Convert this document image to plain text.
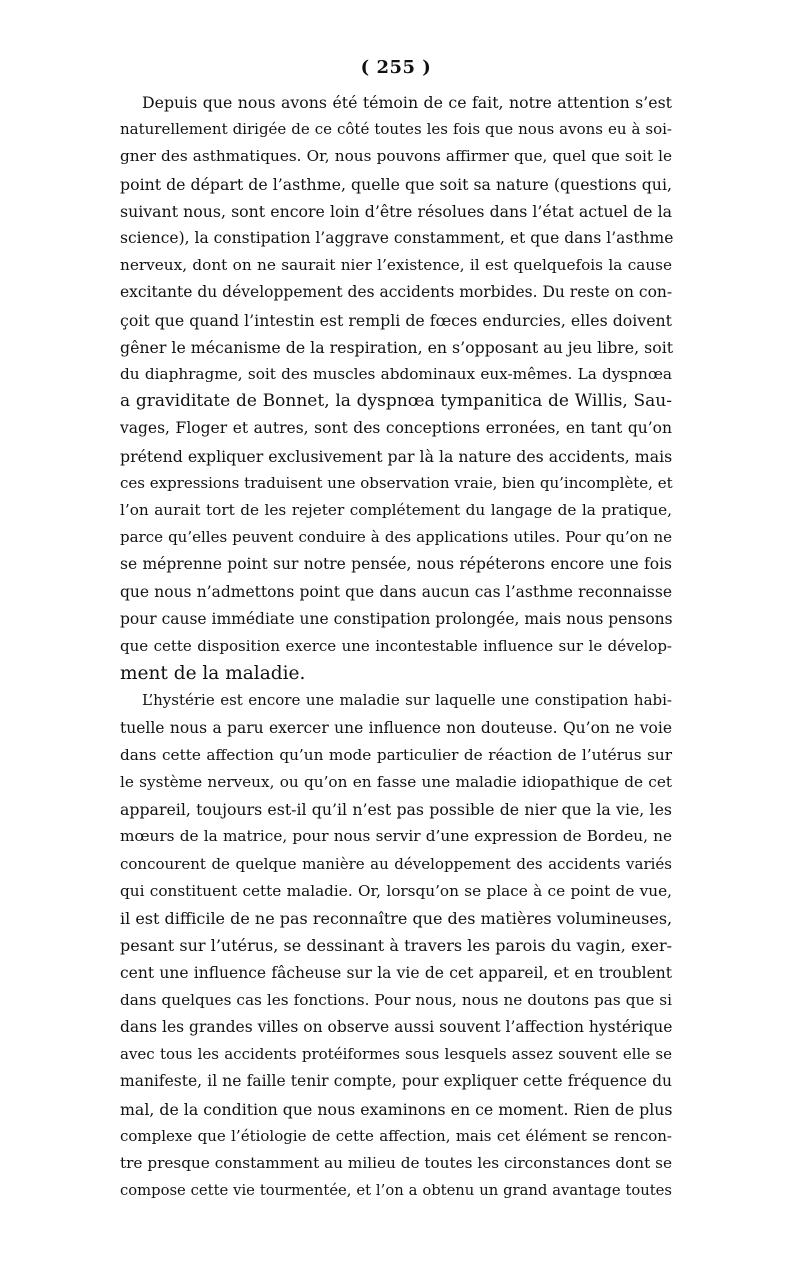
( 255 )
Depuis que nous avons été témoin de ce fait, notre attention s’est
naturellement dirigée de ce côté toutes les fois que nous avons eu à soi-
gner des asthmatiques. Or, nous pouvons affirmer que, quel que soit le
point de départ de l’asthme, quelle que soit sa nature (questions qui,
suivant nous, sont encore loin d’être résolues dans l’état actuel de la
science), la constipation l’aggrave constamment, et que dans l’asthme
nerveux, dont on ne saurait nier l’existence, il est quelquefois la cause
excitante du développement des accidents morbides. Du reste on con-
çoit que quand l’intestin est rempli de fœces endurcies, elles doivent
gêner le mécanisme de la respiration, en s’opposant au jeu libre, soit
du diaphragme, soit des muscles abdominaux eux-mêmes. La dyspnœa
a graviditate de Bonnet, la dyspnœa tympanitica de Willis, Sau-
vages, Floger et autres, sont des conceptions erronées, en tant qu’on
prétend expliquer exclusivement par là la nature des accidents, mais
ces expressions traduisent une observation vraie, bien qu’incomplète, et
l’on aurait tort de les rejeter complétement du langage de la pratique,
parce qu’elles peuvent conduire à des applications utiles. Pour qu’on ne
se méprenne point sur notre pensée, nous répéterons encore une fois
que nous n’admettons point que dans aucun cas l’asthme reconnaisse
pour cause immédiate une constipation prolongée, mais nous pensons
que cette disposition exerce une incontestable influence sur le dévelop-
ment de la maladie.
L’hystérie est encore une maladie sur laquelle une constipation habi-
tuelle nous a paru exercer une influence non douteuse. Qu’on ne voie
dans cette affection qu’un mode particulier de réaction de l’utérus sur
le système nerveux, ou qu’on en fasse une maladie idiopathique de cet
appareil, toujours est-il qu’il n’est pas possible de nier que la vie, les
mœurs de la matrice, pour nous servir d’une expression de Bordeu, ne
concourent de quelque manière au développement des accidents variés
qui constituent cette maladie. Or, lorsqu’on se place à ce point de vue,
il est difficile de ne pas reconnaître que des matières volumineuses,
pesant sur l’utérus, se dessinant à travers les parois du vagin, exer-
cent une influence fâcheuse sur la vie de cet appareil, et en troublent
dans quelques cas les fonctions. Pour nous, nous ne doutons pas que si
dans les grandes villes on observe aussi souvent l’affection hystérique
avec tous les accidents protéiformes sous lesquels assez souvent elle se
manifeste, il ne faille tenir compte, pour expliquer cette fréquence du
mal, de la condition que nous examinons en ce moment. Rien de plus
complexe que l’étiologie de cette affection, mais cet élément se rencon-
tre presque constamment au milieu de toutes les circonstances dont se
compose cette vie tourmentée, et l’on a obtenu un grand avantage toutes
